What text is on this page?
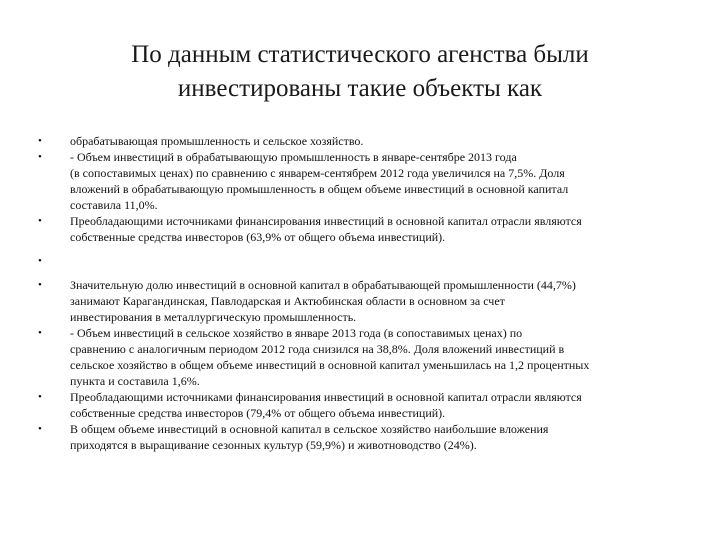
По данным статистического агенства были
инвестированы такие объекты как
•	обрабатывающая промышленность и сельское хозяйство.
•	- Объем инвестиций в обрабатывающую промышленность в январе-сентябре 2013 года
(в сопоставимых ценах) по сравнению с январем-сентябрем 2012 года увеличился на 7,5%. Доля
вложений в обрабатывающую промышленность в общем объеме инвестиций в основной капитал
составила 11,0%.
•	Преобладающими источниками финансирования инвестиций в основной капитал отрасли являются
собственные средства инвесторов (63,9% от общего объема инвестиций).
•
•	Значительную долю инвестиций в основной капитал в обрабатывающей промышленности (44,7%)
занимают Карагандинская, Павлодарская и Актюбинская области в основном за счет
инвестирования в металлургическую промышленность.
•	- Объем инвестиций в сельское хозяйство в январе 2013 года (в сопоставимых ценах) по
сравнению с аналогичным периодом 2012 года снизился на 38,8%. Доля вложений инвестиций в
сельское хозяйство в общем объеме инвестиций в основной капитал уменьшилась на 1,2 процентных
пункта и составила 1,6%.
•	Преобладающими источниками финансирования инвестиций в основной капитал отрасли являются
собственные средства инвесторов (79,4% от общего объема инвестиций).
•	В общем объеме инвестиций в основной капитал в сельское хозяйство наибольшие вложения
приходятся в выращивание сезонных культур (59,9%) и животноводство (24%).
